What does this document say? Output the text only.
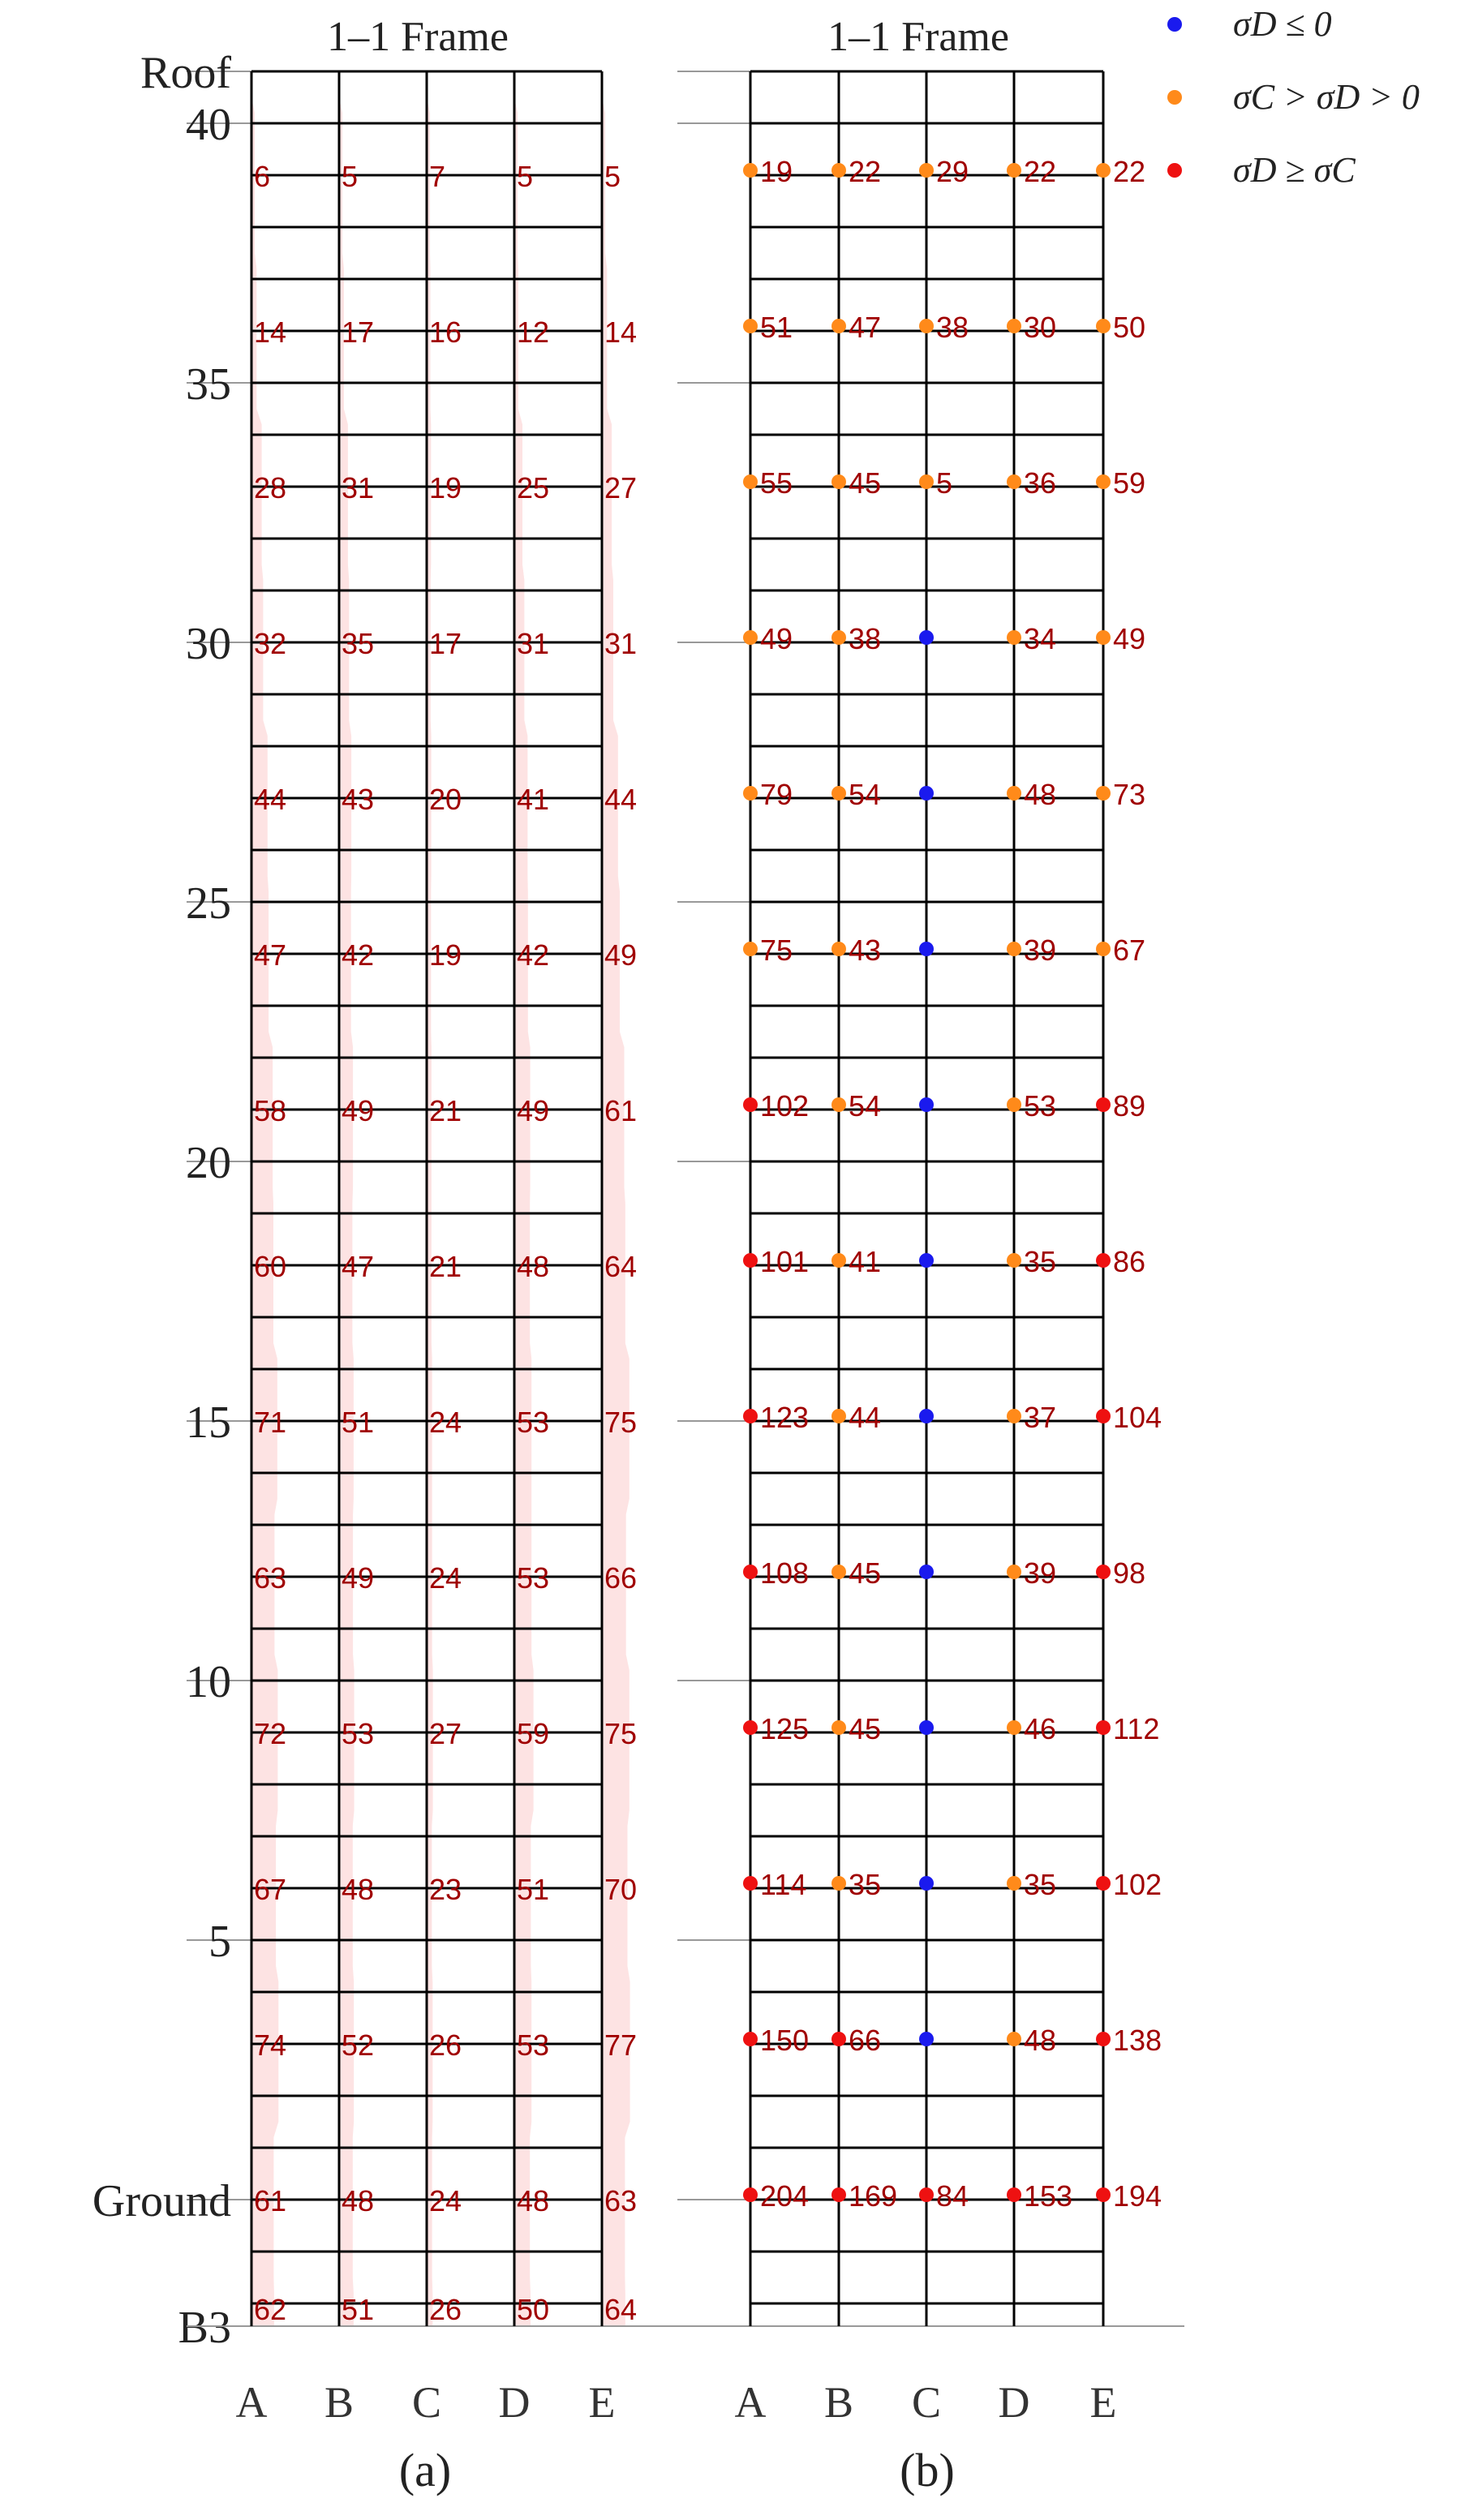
1–1 Frame	1–1 Frame
40
35
30
25
20
15
10
5
Roof
Ground
B3
6 5 7 5 5
14 17 16 12 14
28 31 19 25 27
32 35 17 31 31
44 43 20 41 44
47 42 19 42 49
58 49 21 49 61
60 47 21 48 64
71 51 24 53 75
63 49 24 53 66
72 53 27 59 75
67 48 23 51 70
74 52 26 53 77
61 48 24 48 63
62 51 26 50 64
19 22 29 22 22
51 47 38 30 50
55 45 5 36 59
49 38	34 49
79 54	48 73
75 43	39 67
102 54	53 89
101 41	35 86
123 44	37 104
108 45	39 98
125 45	46 112
114 35	35 102
150 66	48 138
204 169 84 153 194
A B C D E	A B C D E
σD ≤ 0
σC > σD > 0
σD ≥ σC
(a)	(b)
